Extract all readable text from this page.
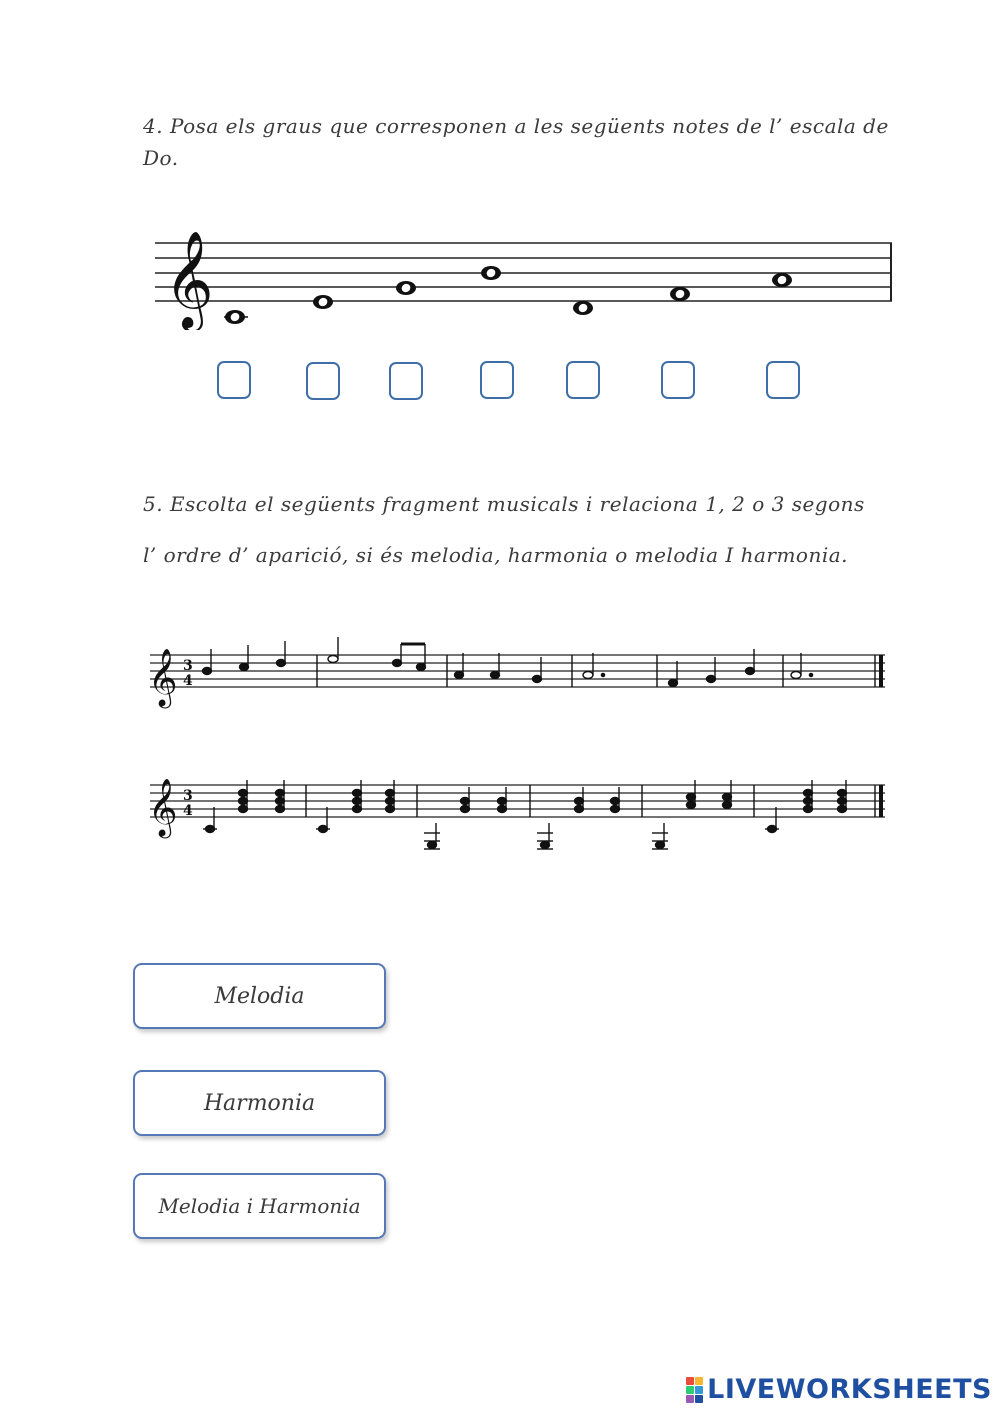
4. Posa els graus que corresponen a les següents notes de l’ escala de

Do.

𝄞

5. Escolta el següents fragment musicals i relaciona 1, 2 o 3 segons

l’ ordre d’ aparició, si és melodia, harmonia o melodia I harmonia.

𝄞 3
4
𝄞 3
4
Melodia
Harmonia
Melodia i Harmonia
LIVEWORKSHEETS
